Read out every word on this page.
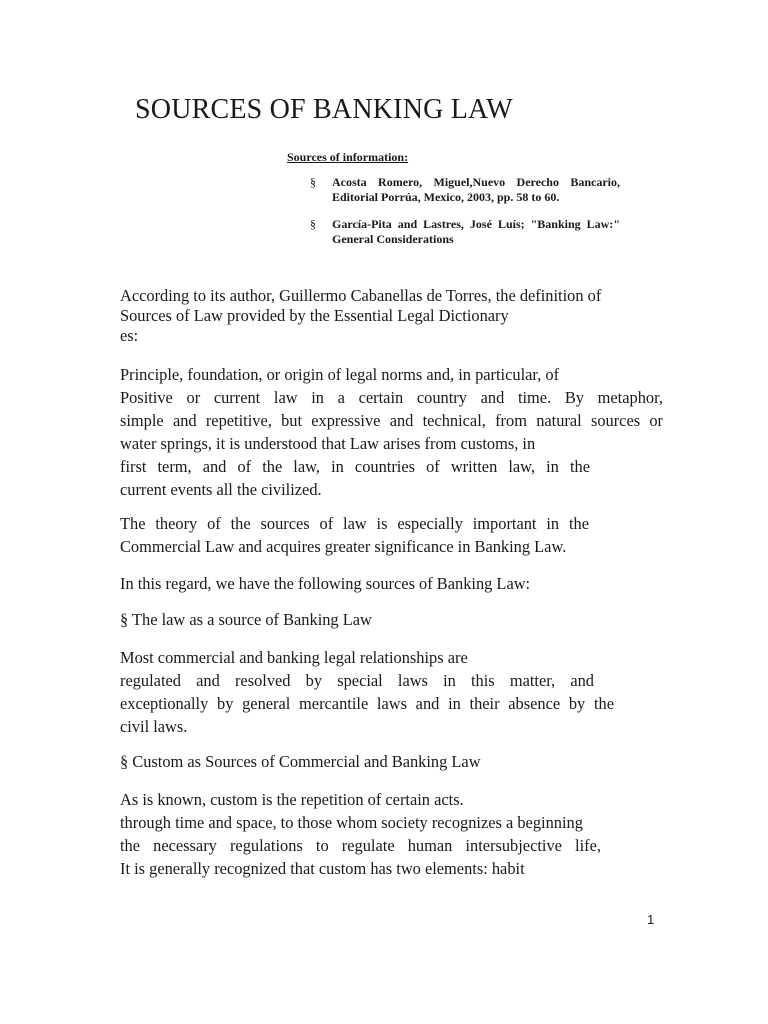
SOURCES OF BANKING LAW
Sources of information:
§ Acosta Romero, Miguel,Nuevo Derecho Bancario, Editorial Porrúa, Mexico, 2003, pp. 58 to 60.
§ García-Pita and Lastres, José Luís; "Banking Law:" General Considerations
According to its author, Guillermo Cabanellas de Torres, the definition of
Sources of Law provided by the Essential Legal Dictionary
es:
Principle, foundation, or origin of legal norms and, in particular, of
Positive or current law in a certain country and time. By metaphor,
simple and repetitive, but expressive and technical, from natural sources or
water springs, it is understood that Law arises from customs, in
first term, and of the law, in countries of written law, in the
current events all the civilized.
The theory of the sources of law is especially important in the
Commercial Law and acquires greater significance in Banking Law.
In this regard, we have the following sources of Banking Law:
§ The law as a source of Banking Law
Most commercial and banking legal relationships are
regulated and resolved by special laws in this matter, and
exceptionally by general mercantile laws and in their absence by the
civil laws.
§ Custom as Sources of Commercial and Banking Law
As is known, custom is the repetition of certain acts.
through time and space, to those whom society recognizes a beginning
the necessary regulations to regulate human intersubjective life,
It is generally recognized that custom has two elements: habit
1
